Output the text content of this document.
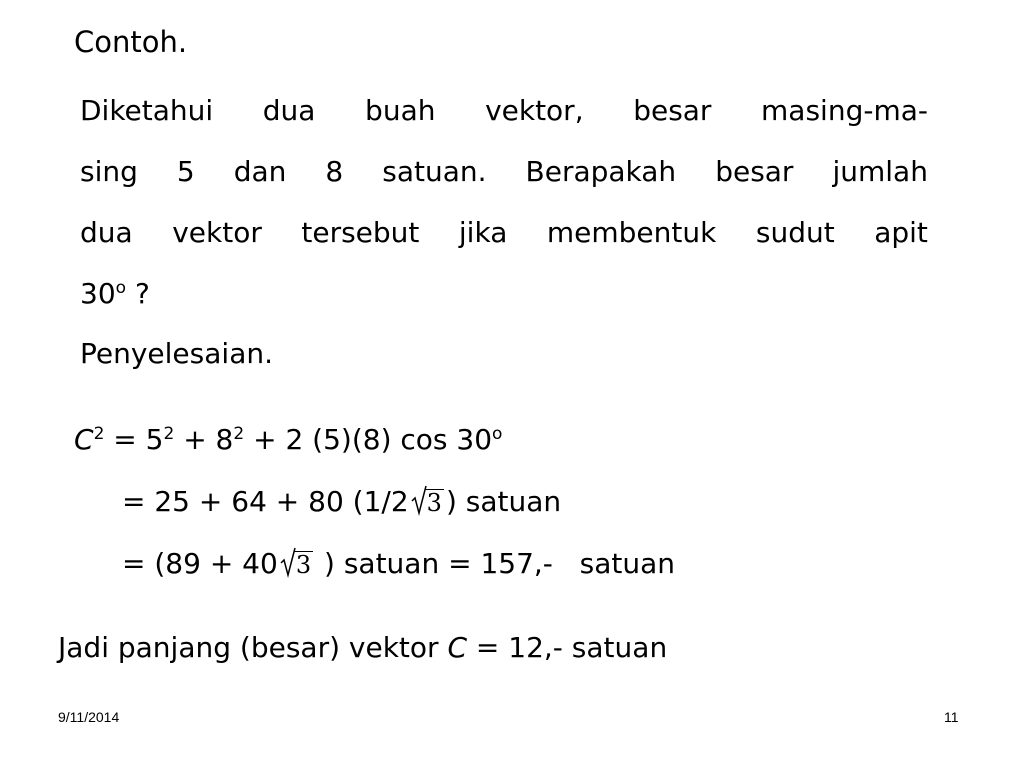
Contoh.
Diketahui dua buah vektor, besar masing-ma-
sing 5 dan 8 satuan. Berapakah besar jumlah
dua vektor tersebut jika membentuk sudut apit
30$^o$ ?
Penyelesaian.
$C^2 = 5^2 + 8^2 + 2$ (5)(8) $\cos 30^o$
= 25 + 64 + 80 (1/2 3 ) satuan
= (89 + 40 3 ) satuan = 157,-   satuan
Jadi panjang (besar) vektor C = 12,- satuan
9/11/2014	11
